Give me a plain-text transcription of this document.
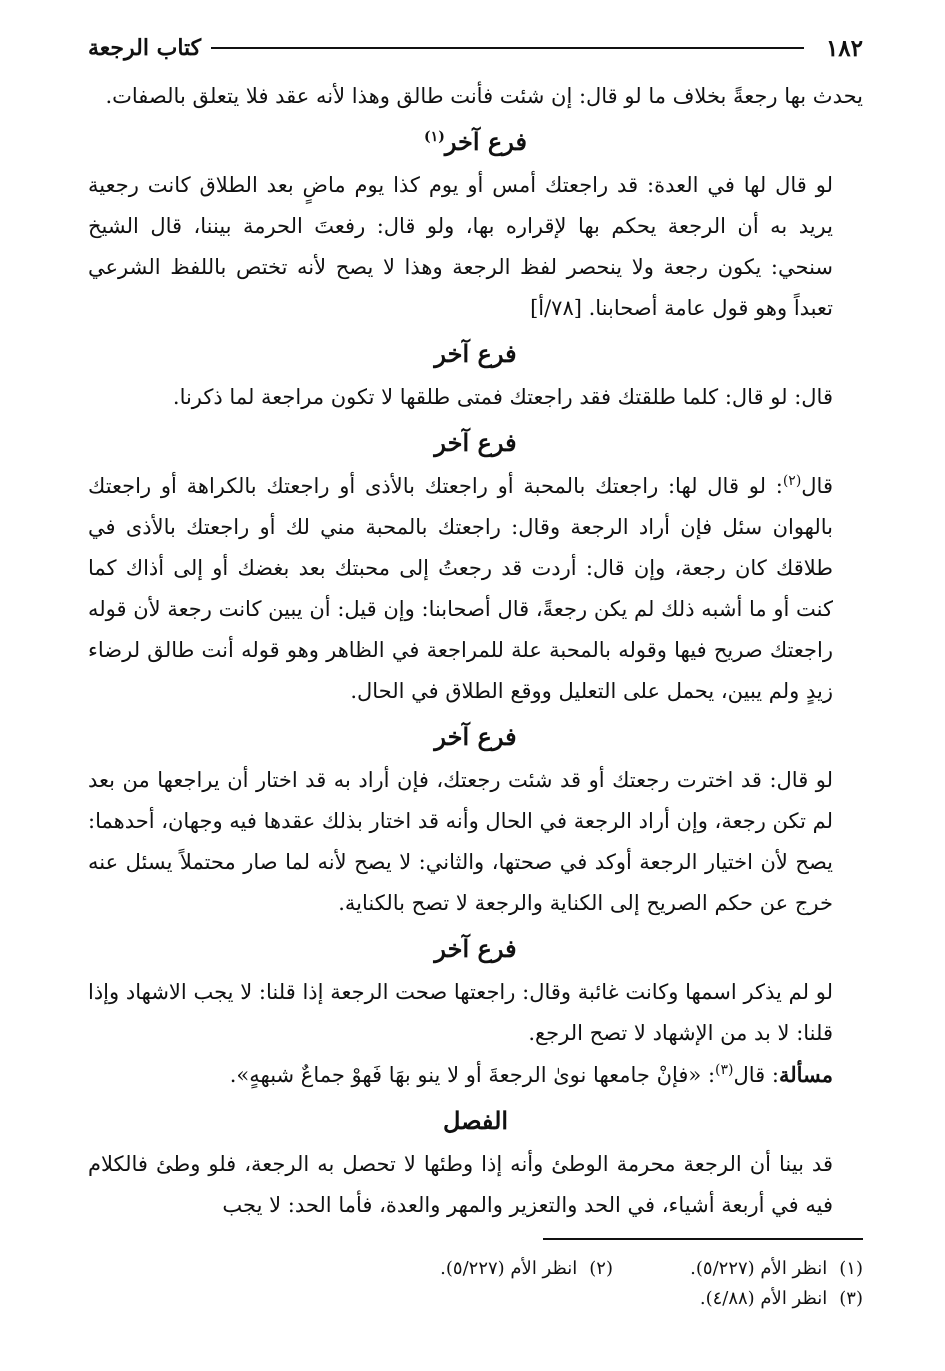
١٨٢
كتاب الرجعة

يحدث بها رجعةً بخلاف ما لو قال: إن شئت فأنت طالق وهذا لأنه عقد فلا يتعلق بالصفات.

فرع آخر$^{(١)}$

لو قال لها في العدة: قد راجعتك أمس أو يوم كذا يوم ماضٍ بعد الطلاق كانت رجعية يريد به أن الرجعة يحكم بها لإقراره بها، ولو قال: رفعتَ الحرمة بيننا، قال الشيخ سنحي: يكون رجعة ولا ينحصر لفظ الرجعة وهذا لا يصح لأنه تختص باللفظ الشرعي تعبداً وهو قول عامة أصحابنا. [٧٨/أ]

فرع آخر

قال: لو قال: كلما طلقتك فقد راجعتك فمتى طلقها لا تكون مراجعة لما ذكرنا.

فرع آخر

قال$^{(٢)}$: لو قال لها: راجعتك بالمحبة أو راجعتك بالأذى أو راجعتك بالكراهة أو راجعتك بالهوان سئل فإن أراد الرجعة وقال: راجعتك بالمحبة مني لك أو راجعتك بالأذى في طلاقك كان رجعة، وإن قال: أردت قد رجعتُ إلى محبتك بعد بغضك أو إلى أذاك كما كنت أو ما أشبه ذلك لم يكن رجعةً، قال أصحابنا: وإن قيل: أن يبين كانت رجعة لأن قوله راجعتك صريح فيها وقوله بالمحبة علة للمراجعة في الظاهر وهو قوله أنت طالق لرضاء زيدٍ ولم يبين، يحمل على التعليل ووقع الطلاق في الحال.

فرع آخر

لو قال: قد اخترت رجعتك أو قد شئت رجعتك، فإن أراد به قد اختار أن يراجعها من بعد لم تكن رجعة، وإن أراد الرجعة في الحال وأنه قد اختار بذلك عقدها فيه وجهان، أحدهما: يصح لأن اختيار الرجعة أوكد في صحتها، والثاني: لا يصح لأنه لما صار محتملاً يسئل عنه خرج عن حكم الصريح إلى الكناية والرجعة لا تصح بالكناية.

فرع آخر

لو لم يذكر اسمها وكانت غائبة وقال: راجعتها صحت الرجعة إذا قلنا: لا يجب الاشهاد وإذا قلنا: لا بد من الإشهاد لا تصح الرجع.

مسألة: قال$^{(٣)}$: «فإنْ جامعها نوىٰ الرجعةَ أو لا ينو بهَا فَهوْ جماعٌ شبههٍ».

الفصل

قد بينا أن الرجعة محرمة الوطئ وأنه إذا وطئها لا تحصل به الرجعة، فلو وطئ فالكلام فيه في أربعة أشياء، في الحد والتعزير والمهر والعدة، فأما الحد: لا يجب

(١)انظر الأم (٥/٢٢٧).
(٢)انظر الأم (٥/٢٢٧).
(٣)انظر الأم (٤/٨٨).
